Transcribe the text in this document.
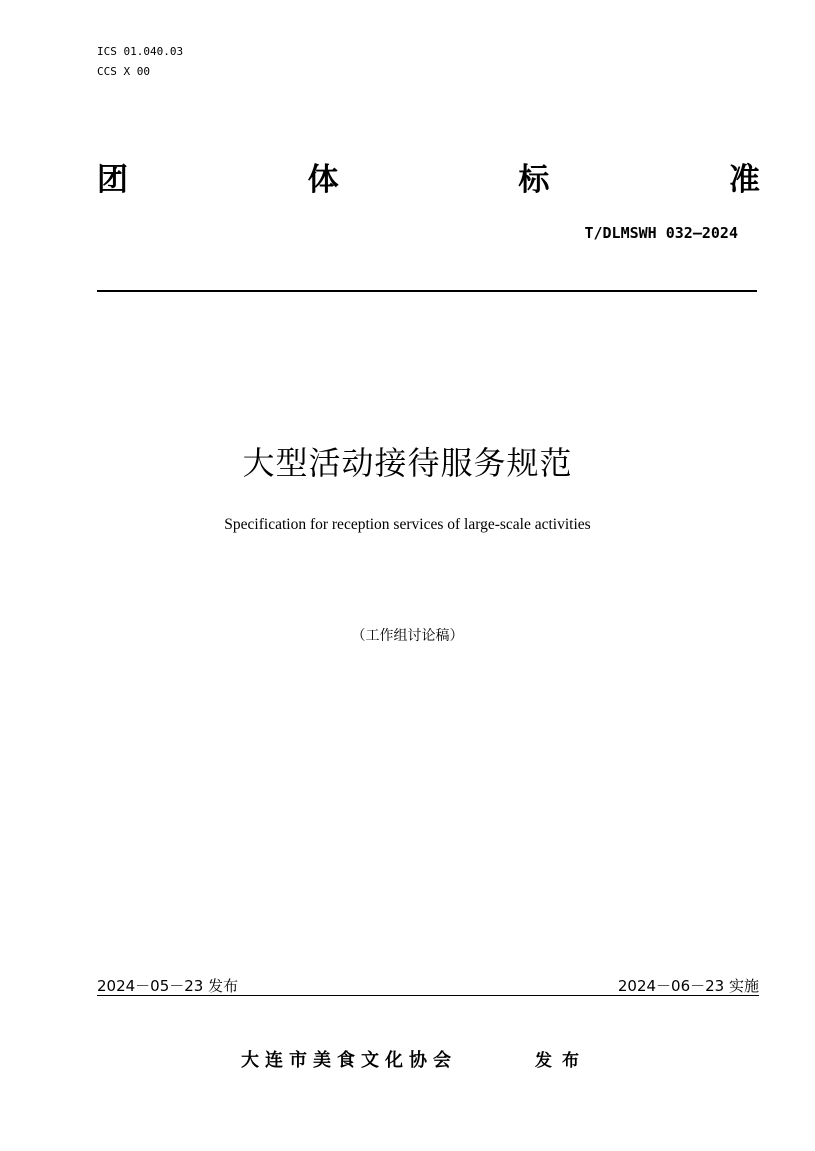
ICS 01.040.03
CCS X 00
团	体	标	准
T/DLMSWH 032—2024
大型活动接待服务规范
Specification for reception services of large-scale activities
（工作组讨论稿）
2024－05－23 发布	2024－06－23 实施
大连市美食文化协会	发布
